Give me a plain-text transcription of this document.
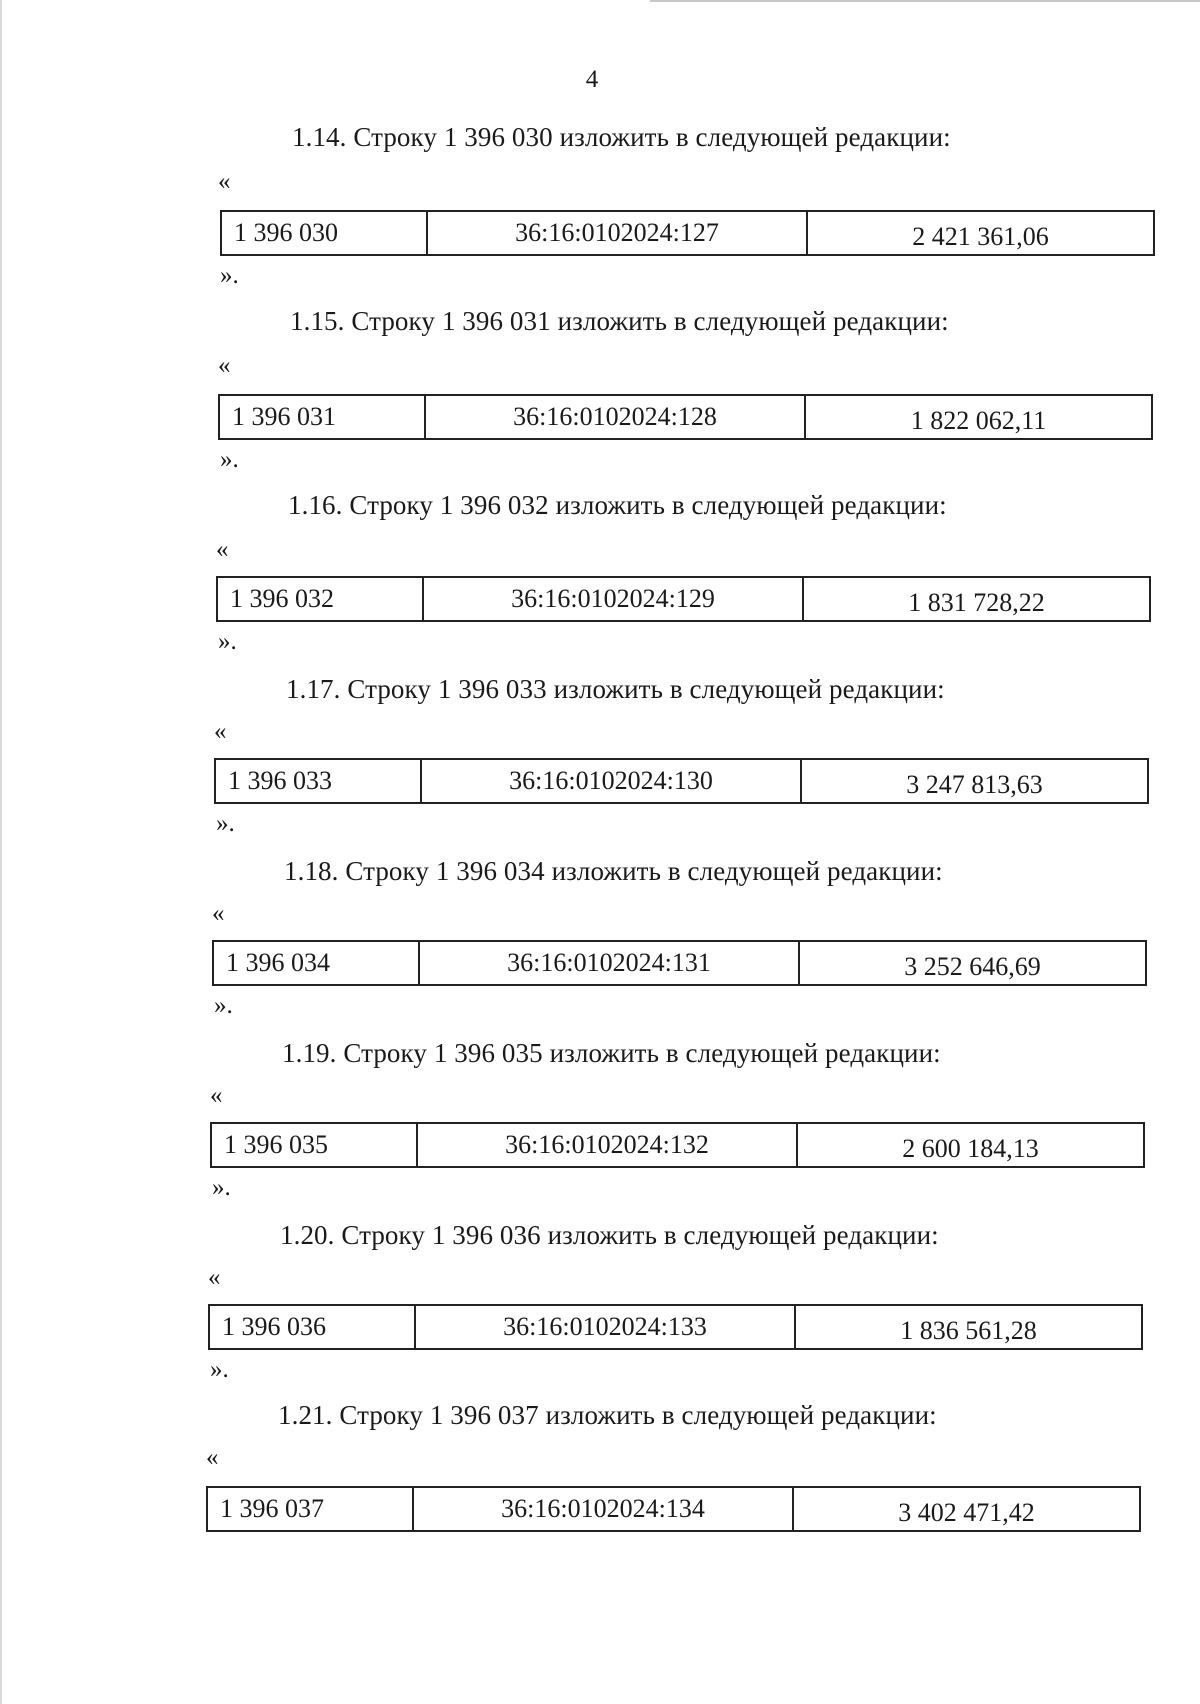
4
1.14. Строку 1 396 030 изложить в следующей редакции:
«
1 396 030	36:16:0102024:127	2 421 361,06
».
1.15. Строку 1 396 031 изложить в следующей редакции:
«
1 396 031	36:16:0102024:128	1 822 062,11
».
1.16. Строку 1 396 032 изложить в следующей редакции:
«
1 396 032	36:16:0102024:129	1 831 728,22
».
1.17. Строку 1 396 033 изложить в следующей редакции:
«
1 396 033	36:16:0102024:130	3 247 813,63
».
1.18. Строку 1 396 034 изложить в следующей редакции:
«
1 396 034	36:16:0102024:131	3 252 646,69
».
1.19. Строку 1 396 035 изложить в следующей редакции:
«
1 396 035	36:16:0102024:132	2 600 184,13
».
1.20. Строку 1 396 036 изложить в следующей редакции:
«
1 396 036	36:16:0102024:133	1 836 561,28
».
1.21. Строку 1 396 037 изложить в следующей редакции:
«
1 396 037	36:16:0102024:134	3 402 471,42
